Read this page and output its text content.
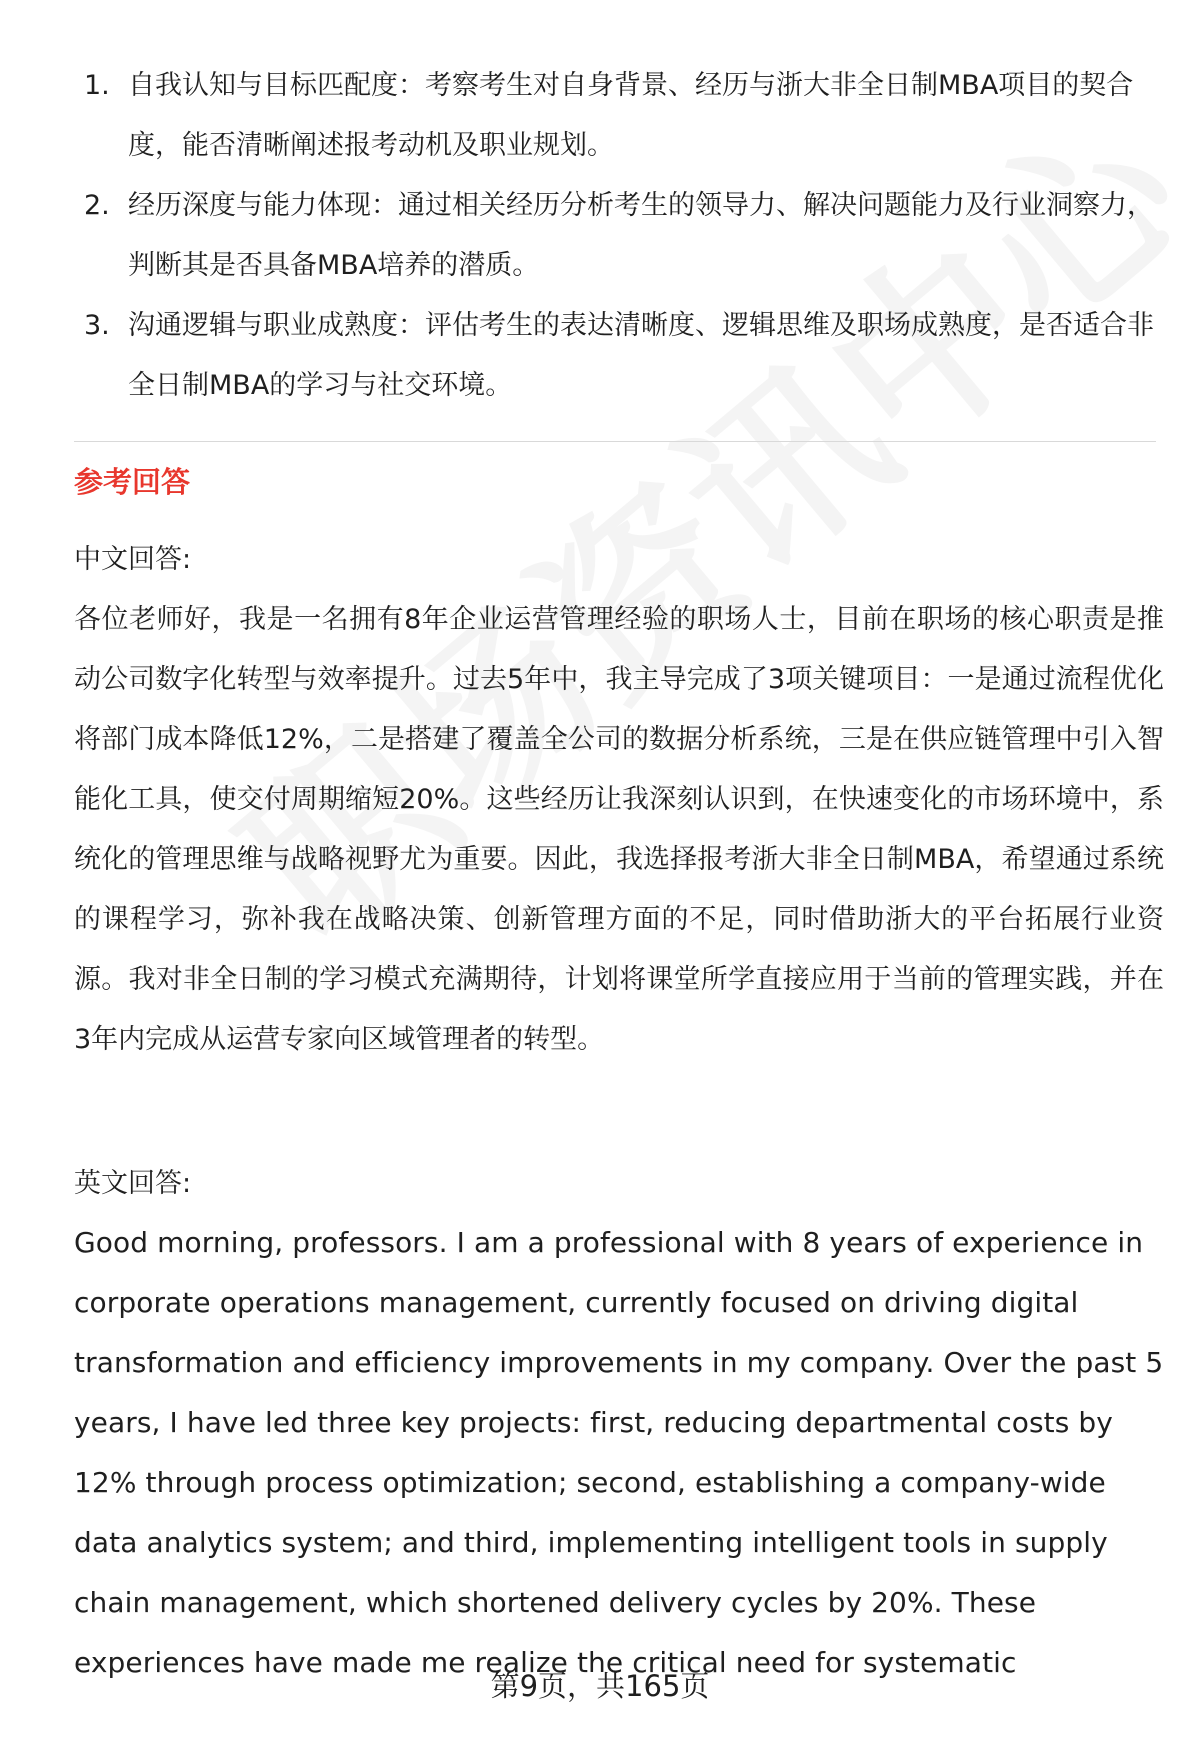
1. 自我认知与目标匹配度：考察考生对自身背景、经历与浙大非全日制MBA项目的契合度，能否清晰阐述报考动机及职业规划。
2. 经历深度与能力体现：通过相关经历分析考生的领导力、解决问题能力及行业洞察力，判断其是否具备MBA培养的潜质。
3. 沟通逻辑与职业成熟度：评估考生的表达清晰度、逻辑思维及职场成熟度，是否适合非全日制MBA的学习与社交环境。
参考回答
中文回答:

各位老师好，我是一名拥有8年企业运营管理经验的职场人士，目前在职场的核心职责是推动公司数字化转型与效率提升。过去5年中，我主导完成了3项关键项目：一是通过流程优化将部门成本降低12%，二是搭建了覆盖全公司的数据分析系统，三是在供应链管理中引入智能化工具，使交付周期缩短20%。这些经历让我深刻认识到，在快速变化的市场环境中，系统化的管理思维与战略视野尤为重要。因此，我选择报考浙大非全日制MBA，希望通过系统的课程学习，弥补我在战略决策、创新管理方面的不足，同时借助浙大的平台拓展行业资源。我对非全日制的学习模式充满期待，计划将课堂所学直接应用于当前的管理实践，并在3年内完成从运营专家向区域管理者的转型。

英文回答:

Good morning, professors. I am a professional with 8 years of experience in corporate operations management, currently focused on driving digital transformation and efficiency improvements in my company. Over the past 5 years, I have led three key projects: first, reducing departmental costs by 12% through process optimization; second, establishing a company-wide data analytics system; and third, implementing intelligent tools in supply chain management, which shortened delivery cycles by 20%. These experiences have made me realize the critical need for systematic

第9页，共165页
